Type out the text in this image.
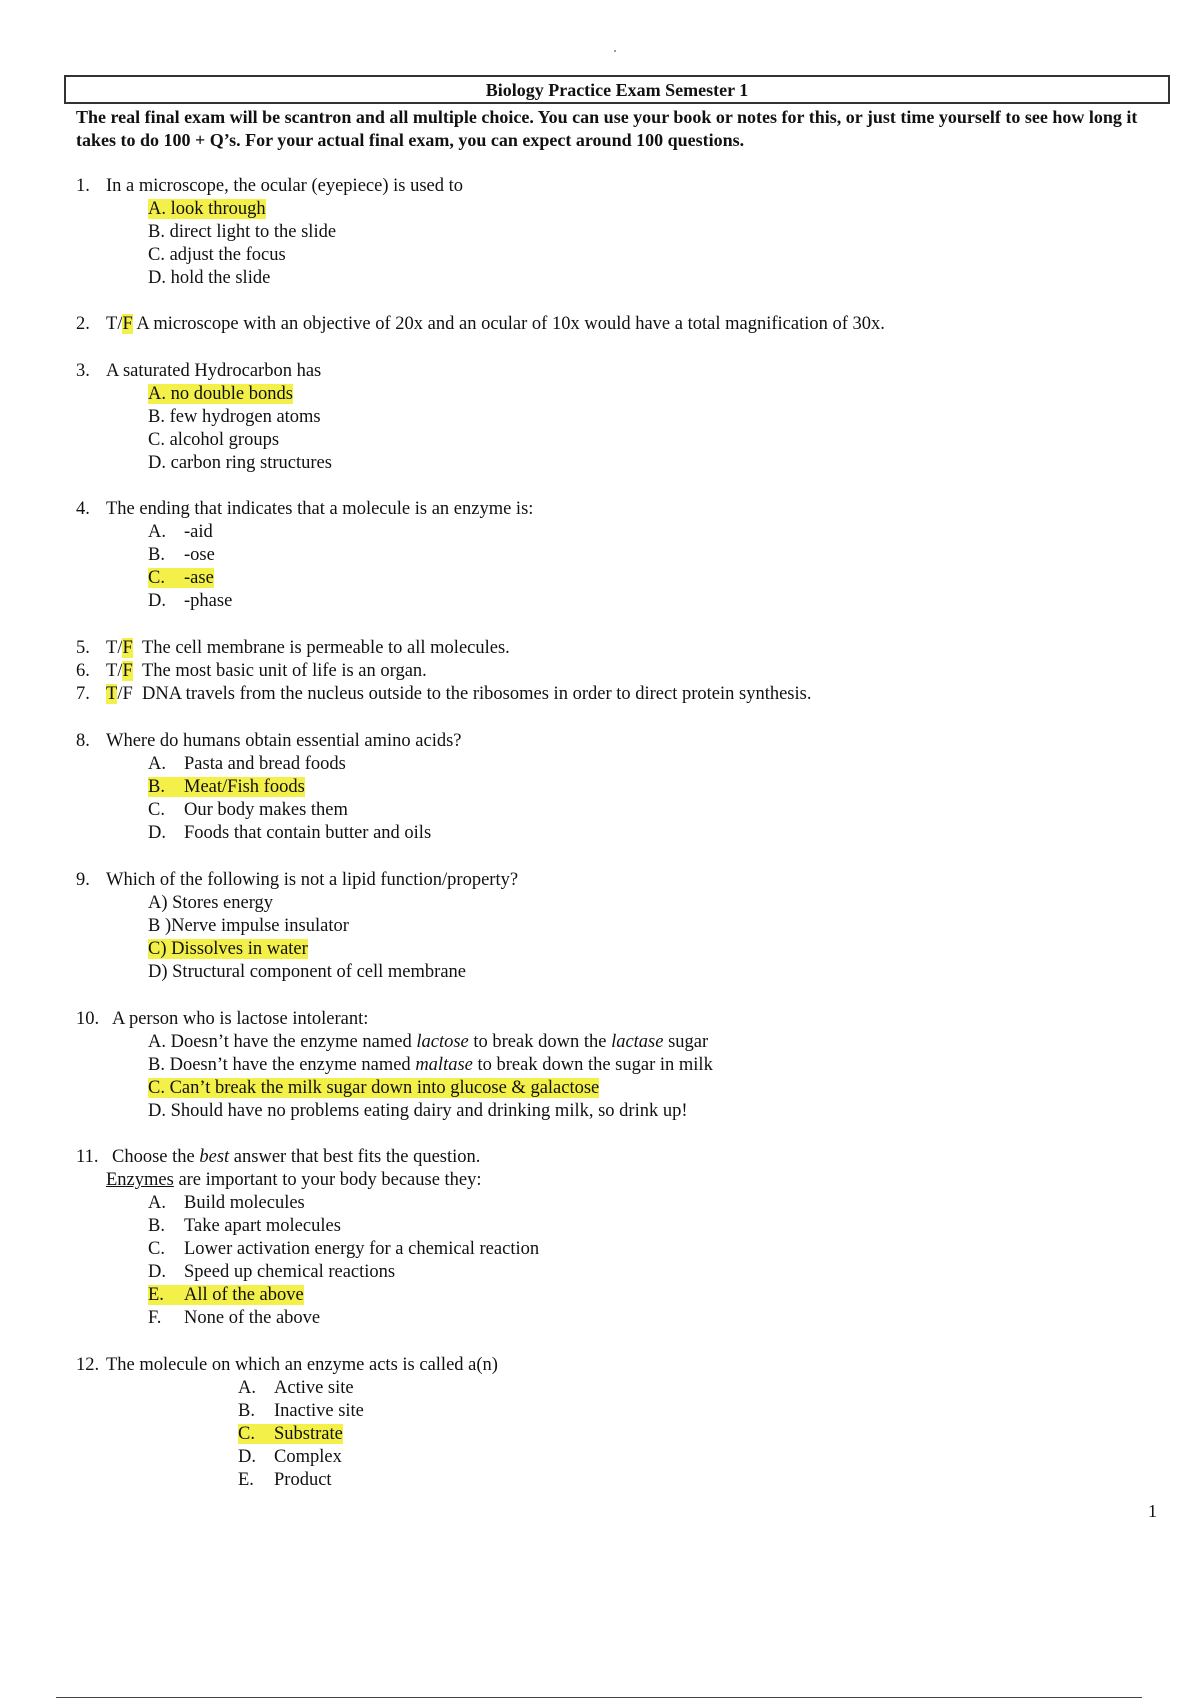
Biology Practice Exam Semester 1
The real final exam will be scantron and all multiple choice. You can use your book or notes for this, or just time yourself to see how long it takes to do 100 + Q’s. For your actual final exam, you can expect around 100 questions.
1. In a microscope, the ocular (eyepiece) is used to
A. look through
B. direct light to the slide
C. adjust the focus
D. hold the slide
2. T/F A microscope with an objective of 20x and an ocular of 10x would have a total magnification of 30x.
3. A saturated Hydrocarbon has
A. no double bonds
B. few hydrogen atoms
C. alcohol groups
D. carbon ring structures
4. The ending that indicates that a molecule is an enzyme is:
A. -aid
B. -ose
C. -ase
D. -phase
5. T/F The cell membrane is permeable to all molecules.
6. T/F The most basic unit of life is an organ.
7. T/F DNA travels from the nucleus outside to the ribosomes in order to direct protein synthesis.
8. Where do humans obtain essential amino acids?
A. Pasta and bread foods
B. Meat/Fish foods
C. Our body makes them
D. Foods that contain butter and oils
9. Which of the following is not a lipid function/property?
A) Stores energy
B )Nerve impulse insulator
C) Dissolves in water
D) Structural component of cell membrane
10. A person who is lactose intolerant:
A. Doesn’t have the enzyme named lactose to break down the lactase sugar
B. Doesn’t have the enzyme named maltase to break down the sugar in milk
C. Can’t break the milk sugar down into glucose & galactose
D. Should have no problems eating dairy and drinking milk, so drink up!
11. Choose the best answer that best fits the question.
Enzymes are important to your body because they:
A. Build molecules
B. Take apart molecules
C. Lower activation energy for a chemical reaction
D. Speed up chemical reactions
E. All of the above
F. None of the above
12. The molecule on which an enzyme acts is called a(n)
A. Active site
B. Inactive site
C. Substrate
D. Complex
E. Product
1
